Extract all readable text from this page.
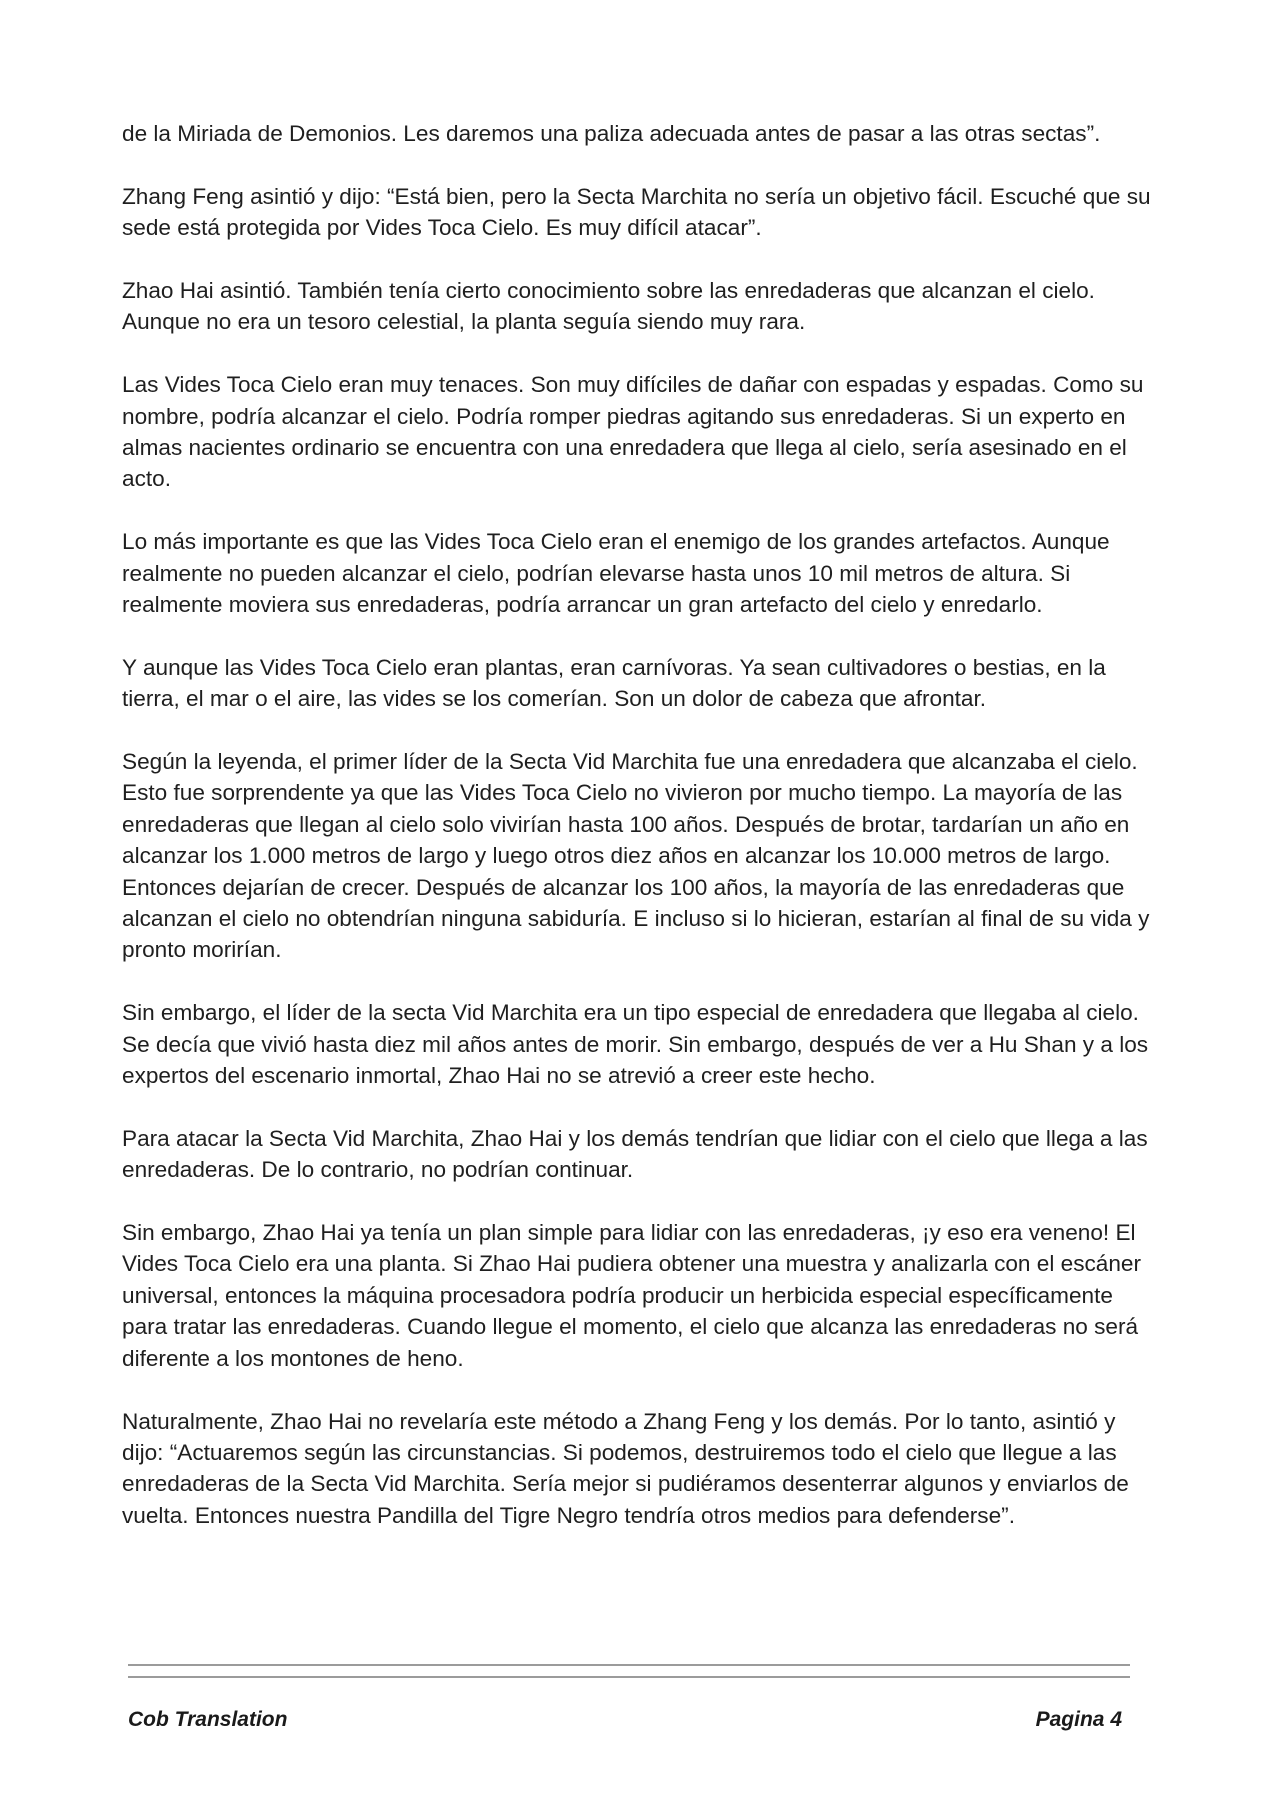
de la Miriada de Demonios. Les daremos una paliza adecuada antes de pasar a las otras sectas”.

Zhang Feng asintió y dijo: “Está bien, pero la Secta Marchita no sería un objetivo fácil. Escuché que su sede está protegida por Vides Toca Cielo. Es muy difícil atacar”.

Zhao Hai asintió. También tenía cierto conocimiento sobre las enredaderas que alcanzan el cielo. Aunque no era un tesoro celestial, la planta seguía siendo muy rara.

Las Vides Toca Cielo eran muy tenaces. Son muy difíciles de dañar con espadas y espadas. Como su nombre, podría alcanzar el cielo. Podría romper piedras agitando sus enredaderas. Si un experto en almas nacientes ordinario se encuentra con una enredadera que llega al cielo, sería asesinado en el acto.

Lo más importante es que las Vides Toca Cielo eran el enemigo de los grandes artefactos. Aunque realmente no pueden alcanzar el cielo, podrían elevarse hasta unos 10 mil metros de altura. Si realmente moviera sus enredaderas, podría arrancar un gran artefacto del cielo y enredarlo.

Y aunque las Vides Toca Cielo eran plantas, eran carnívoras. Ya sean cultivadores o bestias, en la tierra, el mar o el aire, las vides se los comerían. Son un dolor de cabeza que afrontar.

Según la leyenda, el primer líder de la Secta Vid Marchita fue una enredadera que alcanzaba el cielo. Esto fue sorprendente ya que las Vides Toca Cielo no vivieron por mucho tiempo. La mayoría de las enredaderas que llegan al cielo solo vivirían hasta 100 años. Después de brotar, tardarían un año en alcanzar los 1.000 metros de largo y luego otros diez años en alcanzar los 10.000 metros de largo. Entonces dejarían de crecer. Después de alcanzar los 100 años, la mayoría de las enredaderas que alcanzan el cielo no obtendrían ninguna sabiduría. E incluso si lo hicieran, estarían al final de su vida y pronto morirían.

Sin embargo, el líder de la secta Vid Marchita era un tipo especial de enredadera que llegaba al cielo. Se decía que vivió hasta diez mil años antes de morir. Sin embargo, después de ver a Hu Shan y a los expertos del escenario inmortal, Zhao Hai no se atrevió a creer este hecho.

Para atacar la Secta Vid Marchita, Zhao Hai y los demás tendrían que lidiar con el cielo que llega a las enredaderas. De lo contrario, no podrían continuar.

Sin embargo, Zhao Hai ya tenía un plan simple para lidiar con las enredaderas, ¡y eso era veneno! El Vides Toca Cielo era una planta. Si Zhao Hai pudiera obtener una muestra y analizarla con el escáner universal, entonces la máquina procesadora podría producir un herbicida especial específicamente para tratar las enredaderas. Cuando llegue el momento, el cielo que alcanza las enredaderas no será diferente a los montones de heno.

Naturalmente, Zhao Hai no revelaría este método a Zhang Feng y los demás. Por lo tanto, asintió y dijo: “Actuaremos según las circunstancias. Si podemos, destruiremos todo el cielo que llegue a las enredaderas de la Secta Vid Marchita. Sería mejor si pudiéramos desenterrar algunos y enviarlos de vuelta. Entonces nuestra Pandilla del Tigre Negro tendría otros medios para defenderse”.

Cob Translation	Pagina 4
